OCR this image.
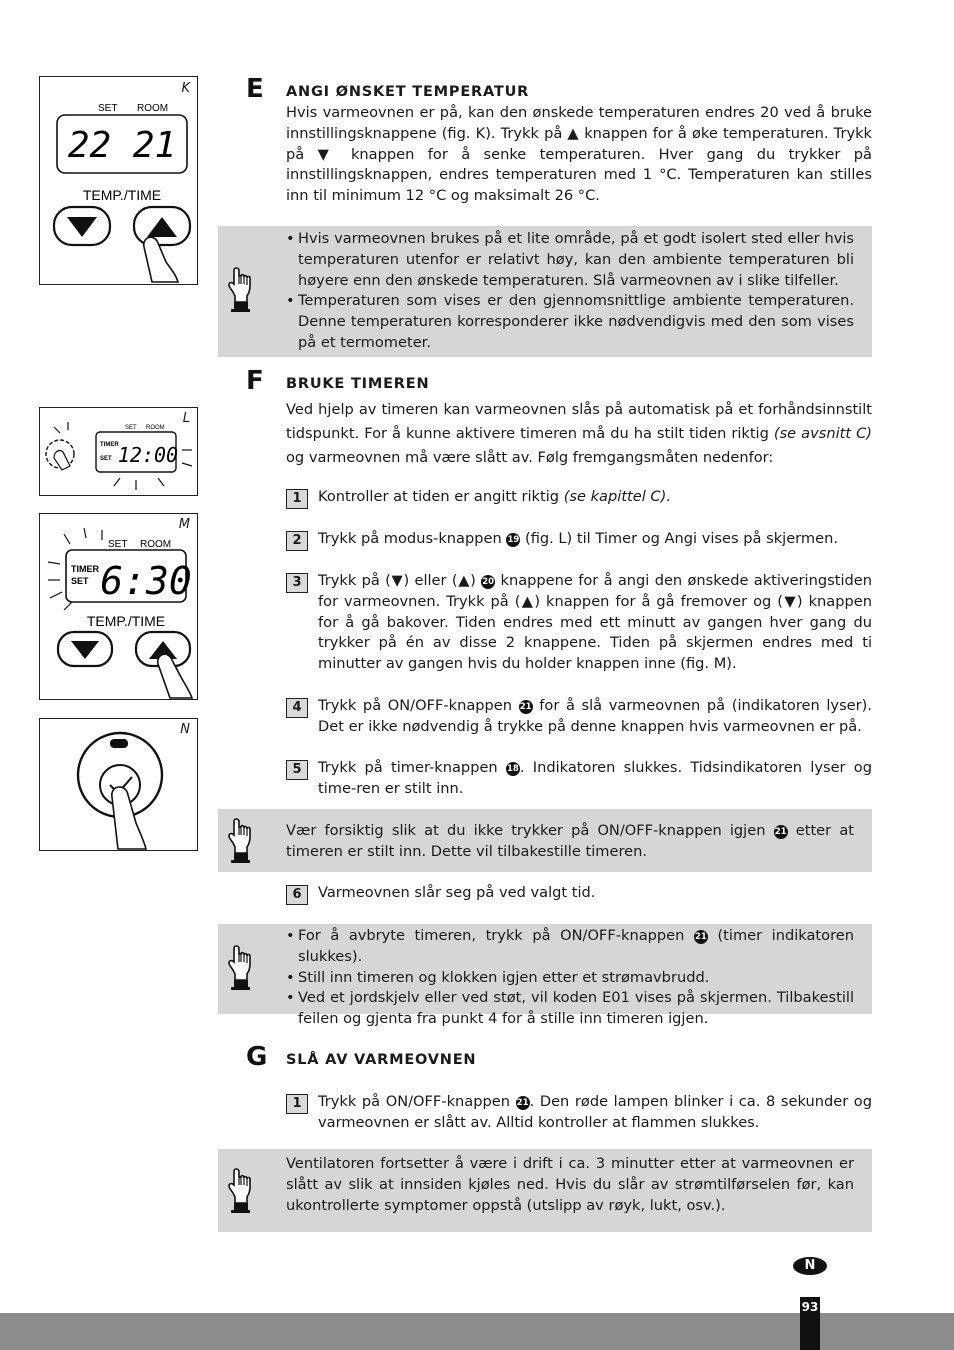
K
SET ROOM
22 21
TEMP./TIME
E ANGI ØNSKET TEMPERATUR

Hvis varmeovnen er på, kan den ønskede temperaturen endres 20 ved å bruke innstillingsknappene (fig. K). Trykk på ▲ knappen for å øke temperaturen. Trykk på ▼ knappen for å senke temperaturen. Hver gang du trykker på innstillingsknappen, endres temperaturen med 1 °C. Temperaturen kan stilles inn til minimum 12 °C og maksimalt 26 °C.

• Hvis varmeovnen brukes på et lite område, på et godt isolert sted eller hvis temperaturen utenfor er relativt høy, kan den ambiente temperaturen bli høyere enn den ønskede temperaturen. Slå varmeovnen av i slike tilfeller.
• Temperaturen som vises er den gjennomsnittlige ambiente temperaturen. Denne temperaturen korresponderer ikke nødvendigvis med den som vises på et termometer.
F BRUKE TIMEREN

Ved hjelp av timeren kan varmeovnen slås på automatisk på et forhåndsinnstilt tidspunkt. For å kunne aktivere timeren må du ha stilt tiden riktig (se avsnitt C) og varmeovnen må være slått av. Følg fremgangsmåten nedenfor:

1	Kontroller at tiden er angitt riktig (se kapittel C).

2	Trykk på modus-knappen 19 (fig. L) til Timer og Angi vises på skjermen.

3	Trykk på (▼) eller (▲) 20 knappene for å angi den ønskede aktiveringstiden for varmeovnen. Trykk på (▲) knappen for å gå fremover og (▼) knappen for å gå bakover. Tiden endres med ett minutt av gangen hver gang du trykker på én av disse 2 knappene. Tiden på skjermen endres med ti minutter av gangen hvis du holder knappen inne (fig. M).

4	Trykk på ON/OFF-knappen 21 for å slå varmeovnen på (indikatoren lyser). Det er ikke nødvendig å trykke på denne knappen hvis varmeovnen er på.

5	Trykk på timer-knappen 18. Indikatoren slukkes. Tidsindikatoren lyser og time-ren er stilt inn.

Vær forsiktig slik at du ikke trykker på ON/OFF-knappen igjen 21 etter at timeren er stilt inn. Dette vil tilbakestille timeren.

6	Varmeovnen slår seg på ved valgt tid.

• For å avbryte timeren, trykk på ON/OFF-knappen 21 (timer indikatoren slukkes).
• Still inn timeren og klokken igjen etter et strømavbrudd.
• Ved et jordskjelv eller ved støt, vil koden E01 vises på skjermen. Tilbakestill feilen og gjenta fra punkt 4 for å stille inn timeren igjen.
G SLÅ AV VARMEOVNEN
1	Trykk på ON/OFF-knappen 21. Den røde lampen blinker i ca. 8 sekunder og varmeovnen er slått av. Alltid kontroller at flammen slukkes.

Ventilatoren fortsetter å være i drift i ca. 3 minutter etter at varmeovnen er slått av slik at innsiden kjøles ned. Hvis du slår av strømtilførselen før, kan ukontrollerte symptomer oppstå (utslipp av røyk, lukt, osv.).

L
SET ROOM
TIMER
SET 12:00
M
SET ROOM
TIMER
SET 6:30
TEMP./TIME
N
N
93
